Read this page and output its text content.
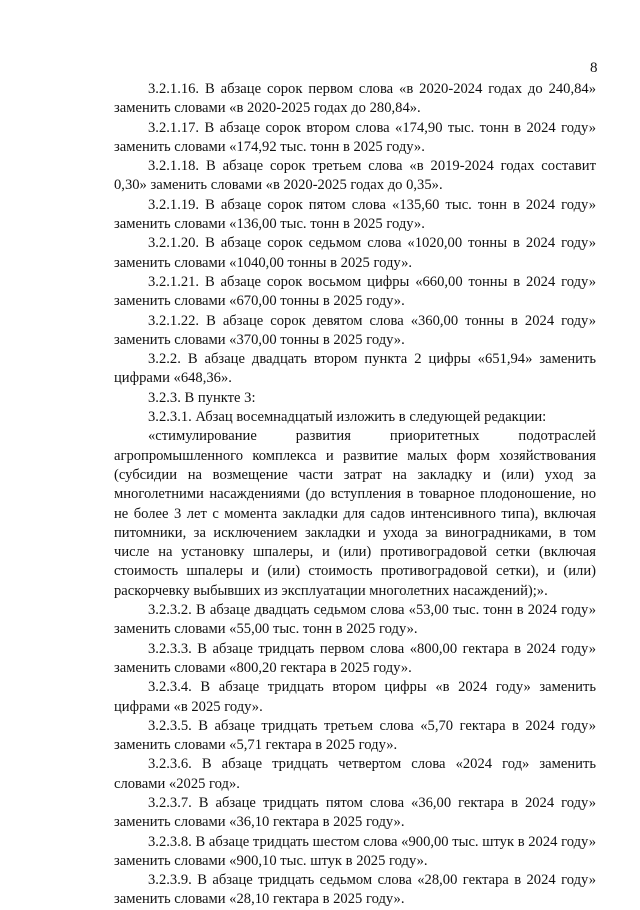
8

3.2.1.16. В абзаце сорок первом слова «в 2020-2024 годах до 240,84» заменить словами «в 2020-2025 годах до 280,84».

3.2.1.17. В абзаце сорок втором слова «174,90 тыс. тонн в 2024 году» заменить словами «174,92 тыс. тонн в 2025 году».

3.2.1.18. В абзаце сорок третьем слова «в 2019-2024 годах составит 0,30» заменить словами «в 2020-2025 годах до 0,35».

3.2.1.19. В абзаце сорок пятом слова «135,60 тыс. тонн в 2024 году» заменить словами «136,00 тыс. тонн в 2025 году».

3.2.1.20. В абзаце сорок седьмом слова «1020,00 тонны в 2024 году» заменить словами «1040,00 тонны в 2025 году».

3.2.1.21. В абзаце сорок восьмом цифры «660,00 тонны в 2024 году» заменить словами «670,00 тонны в 2025 году».

3.2.1.22. В абзаце сорок девятом слова «360,00 тонны в 2024 году» заменить словами «370,00 тонны в 2025 году».

3.2.2. В абзаце двадцать втором пункта 2 цифры «651,94» заменить цифрами «648,36».

3.2.3. В пункте 3:

3.2.3.1. Абзац восемнадцатый изложить в следующей редакции:

«стимулирование развития приоритетных подотраслей агропромышленного комплекса и развитие малых форм хозяйствования (субсидии на возмещение части затрат на закладку и (или) уход за многолетними насаждениями (до вступления в товарное плодоношение, но не более 3 лет с момента закладки для садов интенсивного типа), включая питомники, за исключением закладки и ухода за виноградниками, в том числе на установку шпалеры, и (или) противоградовой сетки (включая стоимость шпалеры и (или) стоимость противоградовой сетки), и (или) раскорчевку выбывших из эксплуатации многолетних насаждений);».

3.2.3.2. В абзаце двадцать седьмом слова «53,00 тыс. тонн в 2024 году» заменить словами «55,00 тыс. тонн в 2025 году».

3.2.3.3. В абзаце тридцать первом слова «800,00 гектара в 2024 году» заменить словами «800,20 гектара в 2025 году».

3.2.3.4. В абзаце тридцать втором цифры «в 2024 году» заменить цифрами «в 2025 году».

3.2.3.5. В абзаце тридцать третьем слова «5,70 гектара в 2024 году» заменить словами «5,71 гектара в 2025 году».

3.2.3.6. В абзаце тридцать четвертом слова «2024 год» заменить словами «2025 год».

3.2.3.7. В абзаце тридцать пятом слова «36,00 гектара в 2024 году» заменить словами «36,10 гектара в 2025 году».

3.2.3.8. В абзаце тридцать шестом слова «900,00 тыс. штук в 2024 году» заменить словами «900,10 тыс. штук в 2025 году».

3.2.3.9. В абзаце тридцать седьмом слова «28,00 гектара в 2024 году» заменить словами «28,10 гектара в 2025 году».
